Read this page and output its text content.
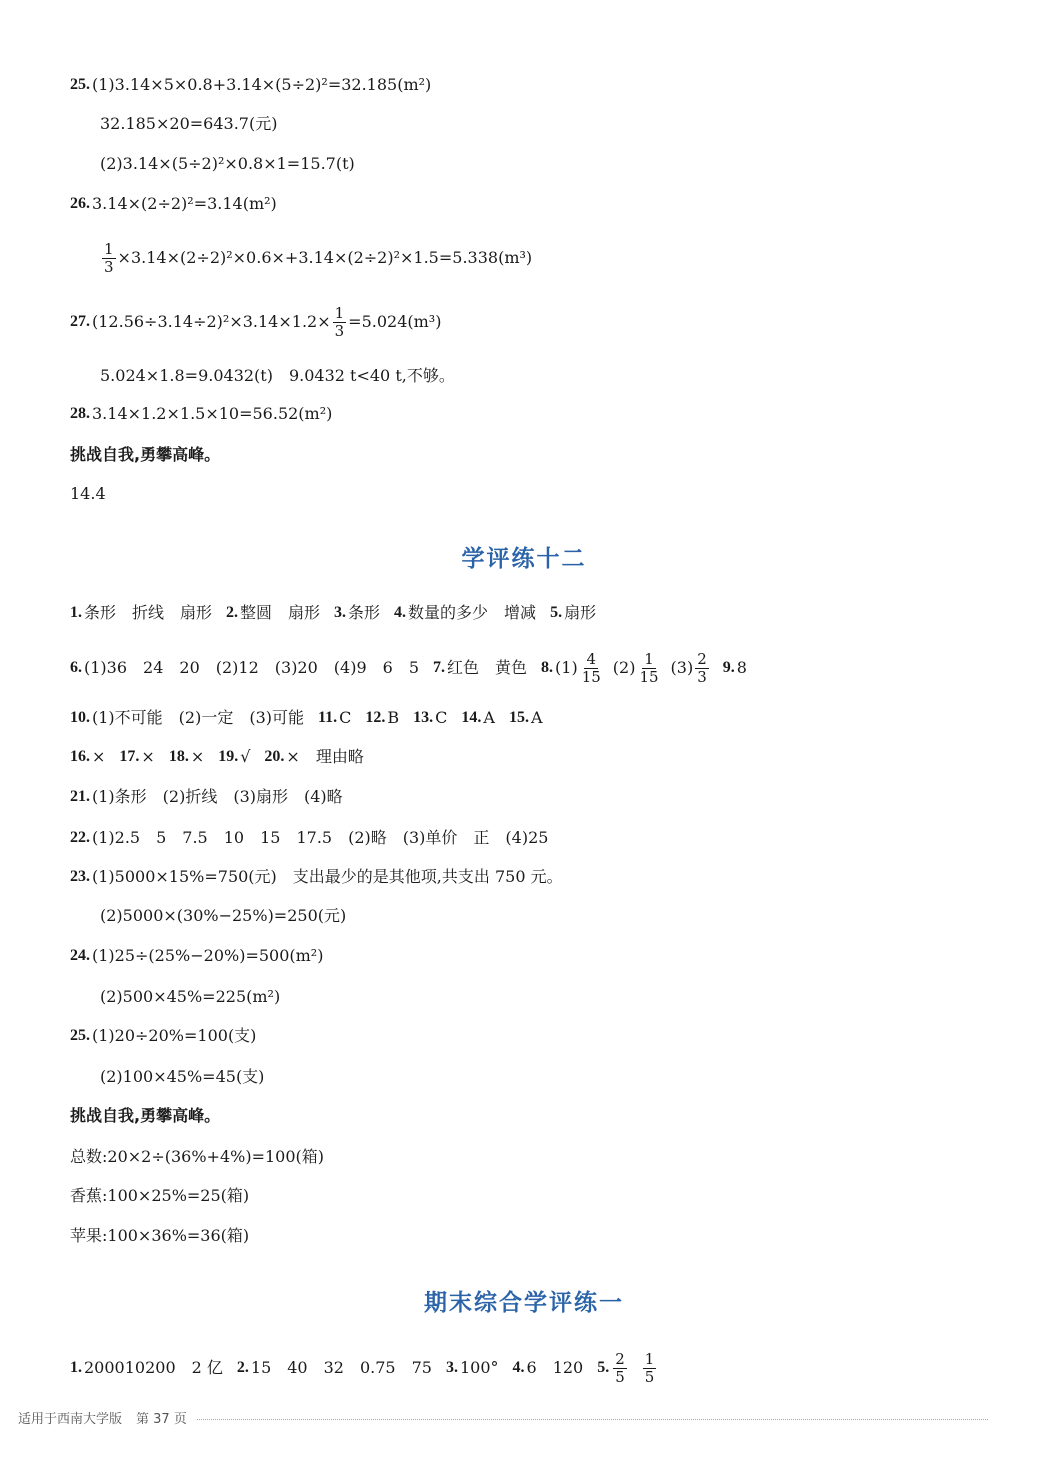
25. (1)3.14×5×0.8+3.14×(5÷2)²=32.185(m²)
32.185×20=643.7(元)
(2)3.14×(5÷2)²×0.8×1=15.7(t)
26. 3.14×(2÷2)²=3.14(m²)
$\frac{1}{3} \times 3.14\times(2\div 2)^2\times 0.6\times+3.14\times(2\div 2)^2\times 1.5=5.338(m^3)$
27. $(12.56\div 3.14\div 2)^2\times 3.14\times 1.2\times \frac{1}{3} =5.024(m^3)$
5.024×1.8=9.0432(t)　9.0432 t<40 t,不够。
28. 3.14×1.2×1.5×10=56.52(m²)
挑战自我,勇攀高峰。
14.4
学评练十二
1. 条形　折线　扇形 2. 整圆　扇形 3. 条形 4. 数量的多少　增减 5. 扇形
6. (1)36　24　20　(2)12　(3)20　(4)9　6　5 7. 红色　黄色 8. $(1) \frac{4}{15} (2) \frac{1}{15} (3) \frac{2}{3} 9$. 8
10. (1)不可能　(2)一定　(3)可能 11. C 12. B 13. C 14. A 15. A
16. × 17. × 18. × 19. √ 20. ×　理由略
21. (1)条形　(2)折线　(3)扇形　(4)略
22. (1)2.5　5　7.5　10　15　17.5　(2)略　(3)单价　正　(4)25
23. (1)5000×15%=750(元)　支出最少的是其他项,共支出 750 元。
(2)5000×(30%−25%)=250(元)
24. (1)25÷(25%−20%)=500(m²)
(2)500×45%=225(m²)
25. (1)20÷20%=100(支)
(2)100×45%=45(支)
挑战自我,勇攀高峰。
总数:20×2÷(36%+4%)=100(箱)
香蕉:100×25%=25(箱)
苹果:100×36%=36(箱)
期末综合学评练一
1. 200010200　2 亿 2. 15　40　32　0.75　75 3. 100° 4. 6　120 5. $\frac{2}{5} \frac{1}{5}$
适用于西南大学版 第 37 页
